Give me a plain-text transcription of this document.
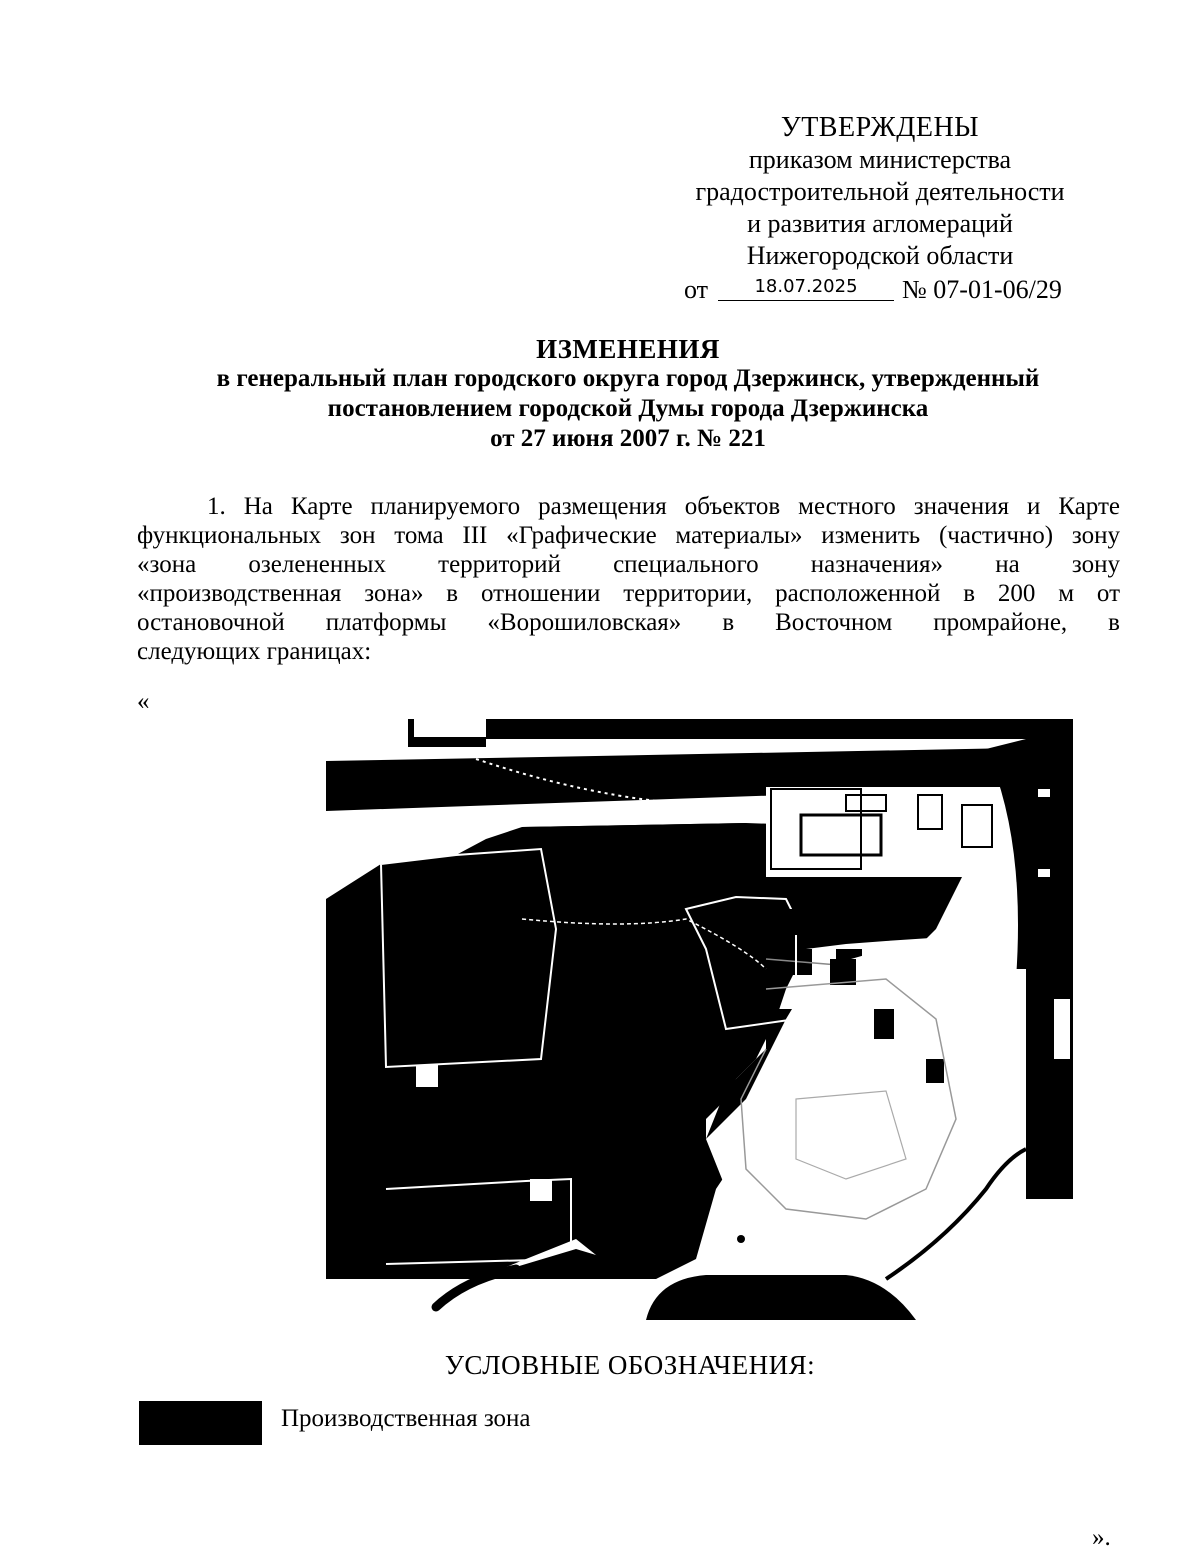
УТВЕРЖДЕНЫ
приказом министерства
градостроительной деятельности
и развития агломераций
Нижегородской области
от	18.07.2025	№ 07-01-06/29
ИЗМЕНЕНИЯ
в генеральный план городского округа город Дзержинск, утвержденный
постановлением городской Думы города Дзержинска
от 27 июня 2007 г. № 221
1. На Карте планируемого размещения объектов местного значения и Карте
функциональных зон тома III «Графические материалы» изменить (частично) зону
«зона озелененных территорий специального назначения» на зону
«производственная зона» в отношении территории, расположенной в 200 м от
остановочной платформы «Ворошиловская» в Восточном промрайоне, в
следующих границах:
«
УСЛОВНЫЕ ОБОЗНАЧЕНИЯ:
Производственная зона
».
